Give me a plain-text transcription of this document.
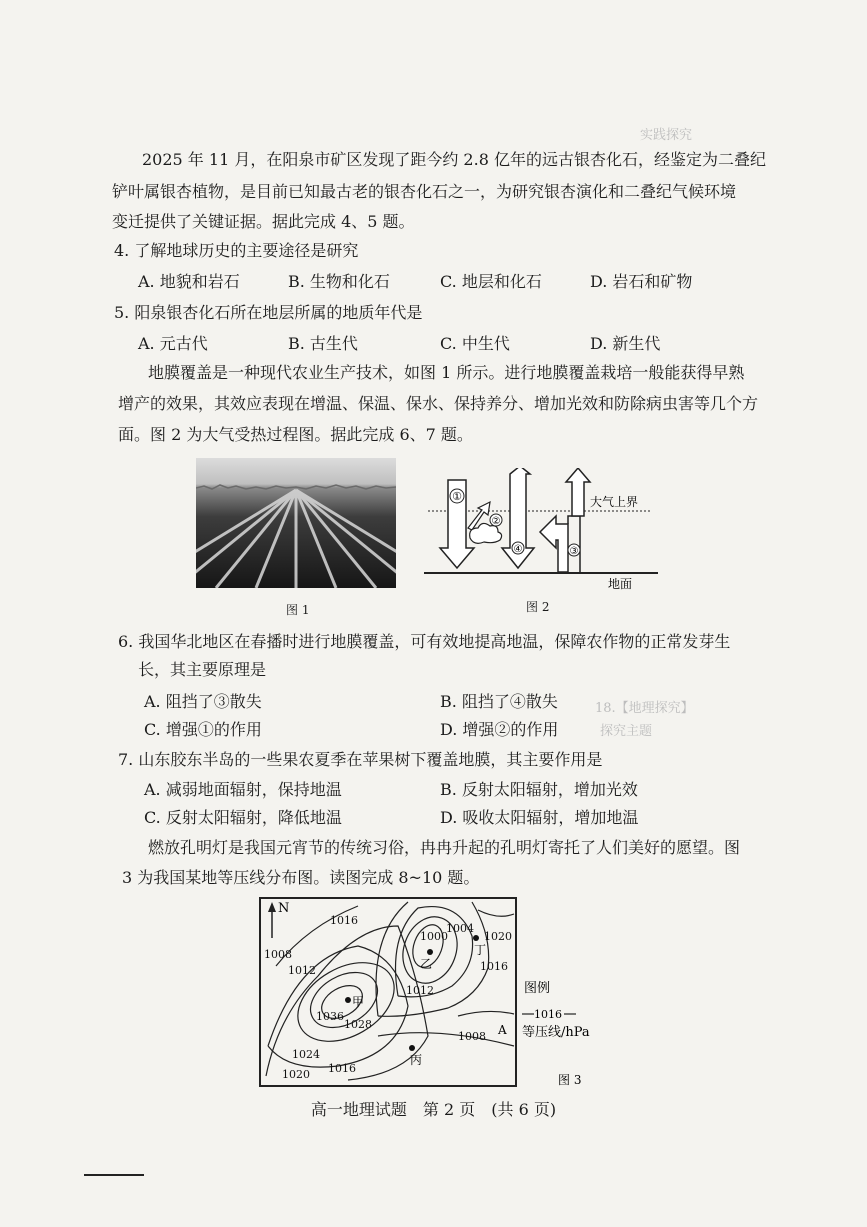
实践探究
18.【地理探究】
探究主题
2025 年 11 月，在阳泉市矿区发现了距今约 2.8 亿年的远古银杏化石，经鉴定为二叠纪
铲叶属银杏植物，是目前已知最古老的银杏化石之一，为研究银杏演化和二叠纪气候环境
变迁提供了关键证据。据此完成 4、5 题。
4. 了解地球历史的主要途径是研究
A. 地貌和岩石	B. 生物和化石	C. 地层和化石	D. 岩石和矿物
5. 阳泉银杏化石所在地层所属的地质年代是
A. 元古代	B. 古生代	C. 中生代	D. 新生代
地膜覆盖是一种现代农业生产技术，如图 1 所示。进行地膜覆盖栽培一般能获得早熟
增产的效果，其效应表现在增温、保温、保水、保持养分、增加光效和防除病虫害等几个方
面。图 2 为大气受热过程图。据此完成 6、7 题。
图 1
①
②
④	③
大气上界
地面
图 2
6. 我国华北地区在春播时进行地膜覆盖，可有效地提高地温，保障农作物的正常发芽生
长，其主要原理是
A. 阻挡了③散失	B. 阻挡了④散失
C. 增强①的作用	D. 增强②的作用
7. 山东胶东半岛的一些果农夏季在苹果树下覆盖地膜，其主要作用是
A. 减弱地面辐射，保持地温	B. 反射太阳辐射，增加光效
C. 反射太阳辐射，降低地温	D. 吸收太阳辐射，增加地温
燃放孔明灯是我国元宵节的传统习俗，冉冉升起的孔明灯寄托了人们美好的愿望。图
3 为我国某地等压线分布图。读图完成 8~10 题。
N
1016
1012
1008
1000
1004
1020
1016
1036
1028
1012
1008
1024
1016
1020
甲
乙
丙
丁
A
图例
1016
等压线/hPa
图 3
高一地理试题　第 2 页　(共 6 页)
